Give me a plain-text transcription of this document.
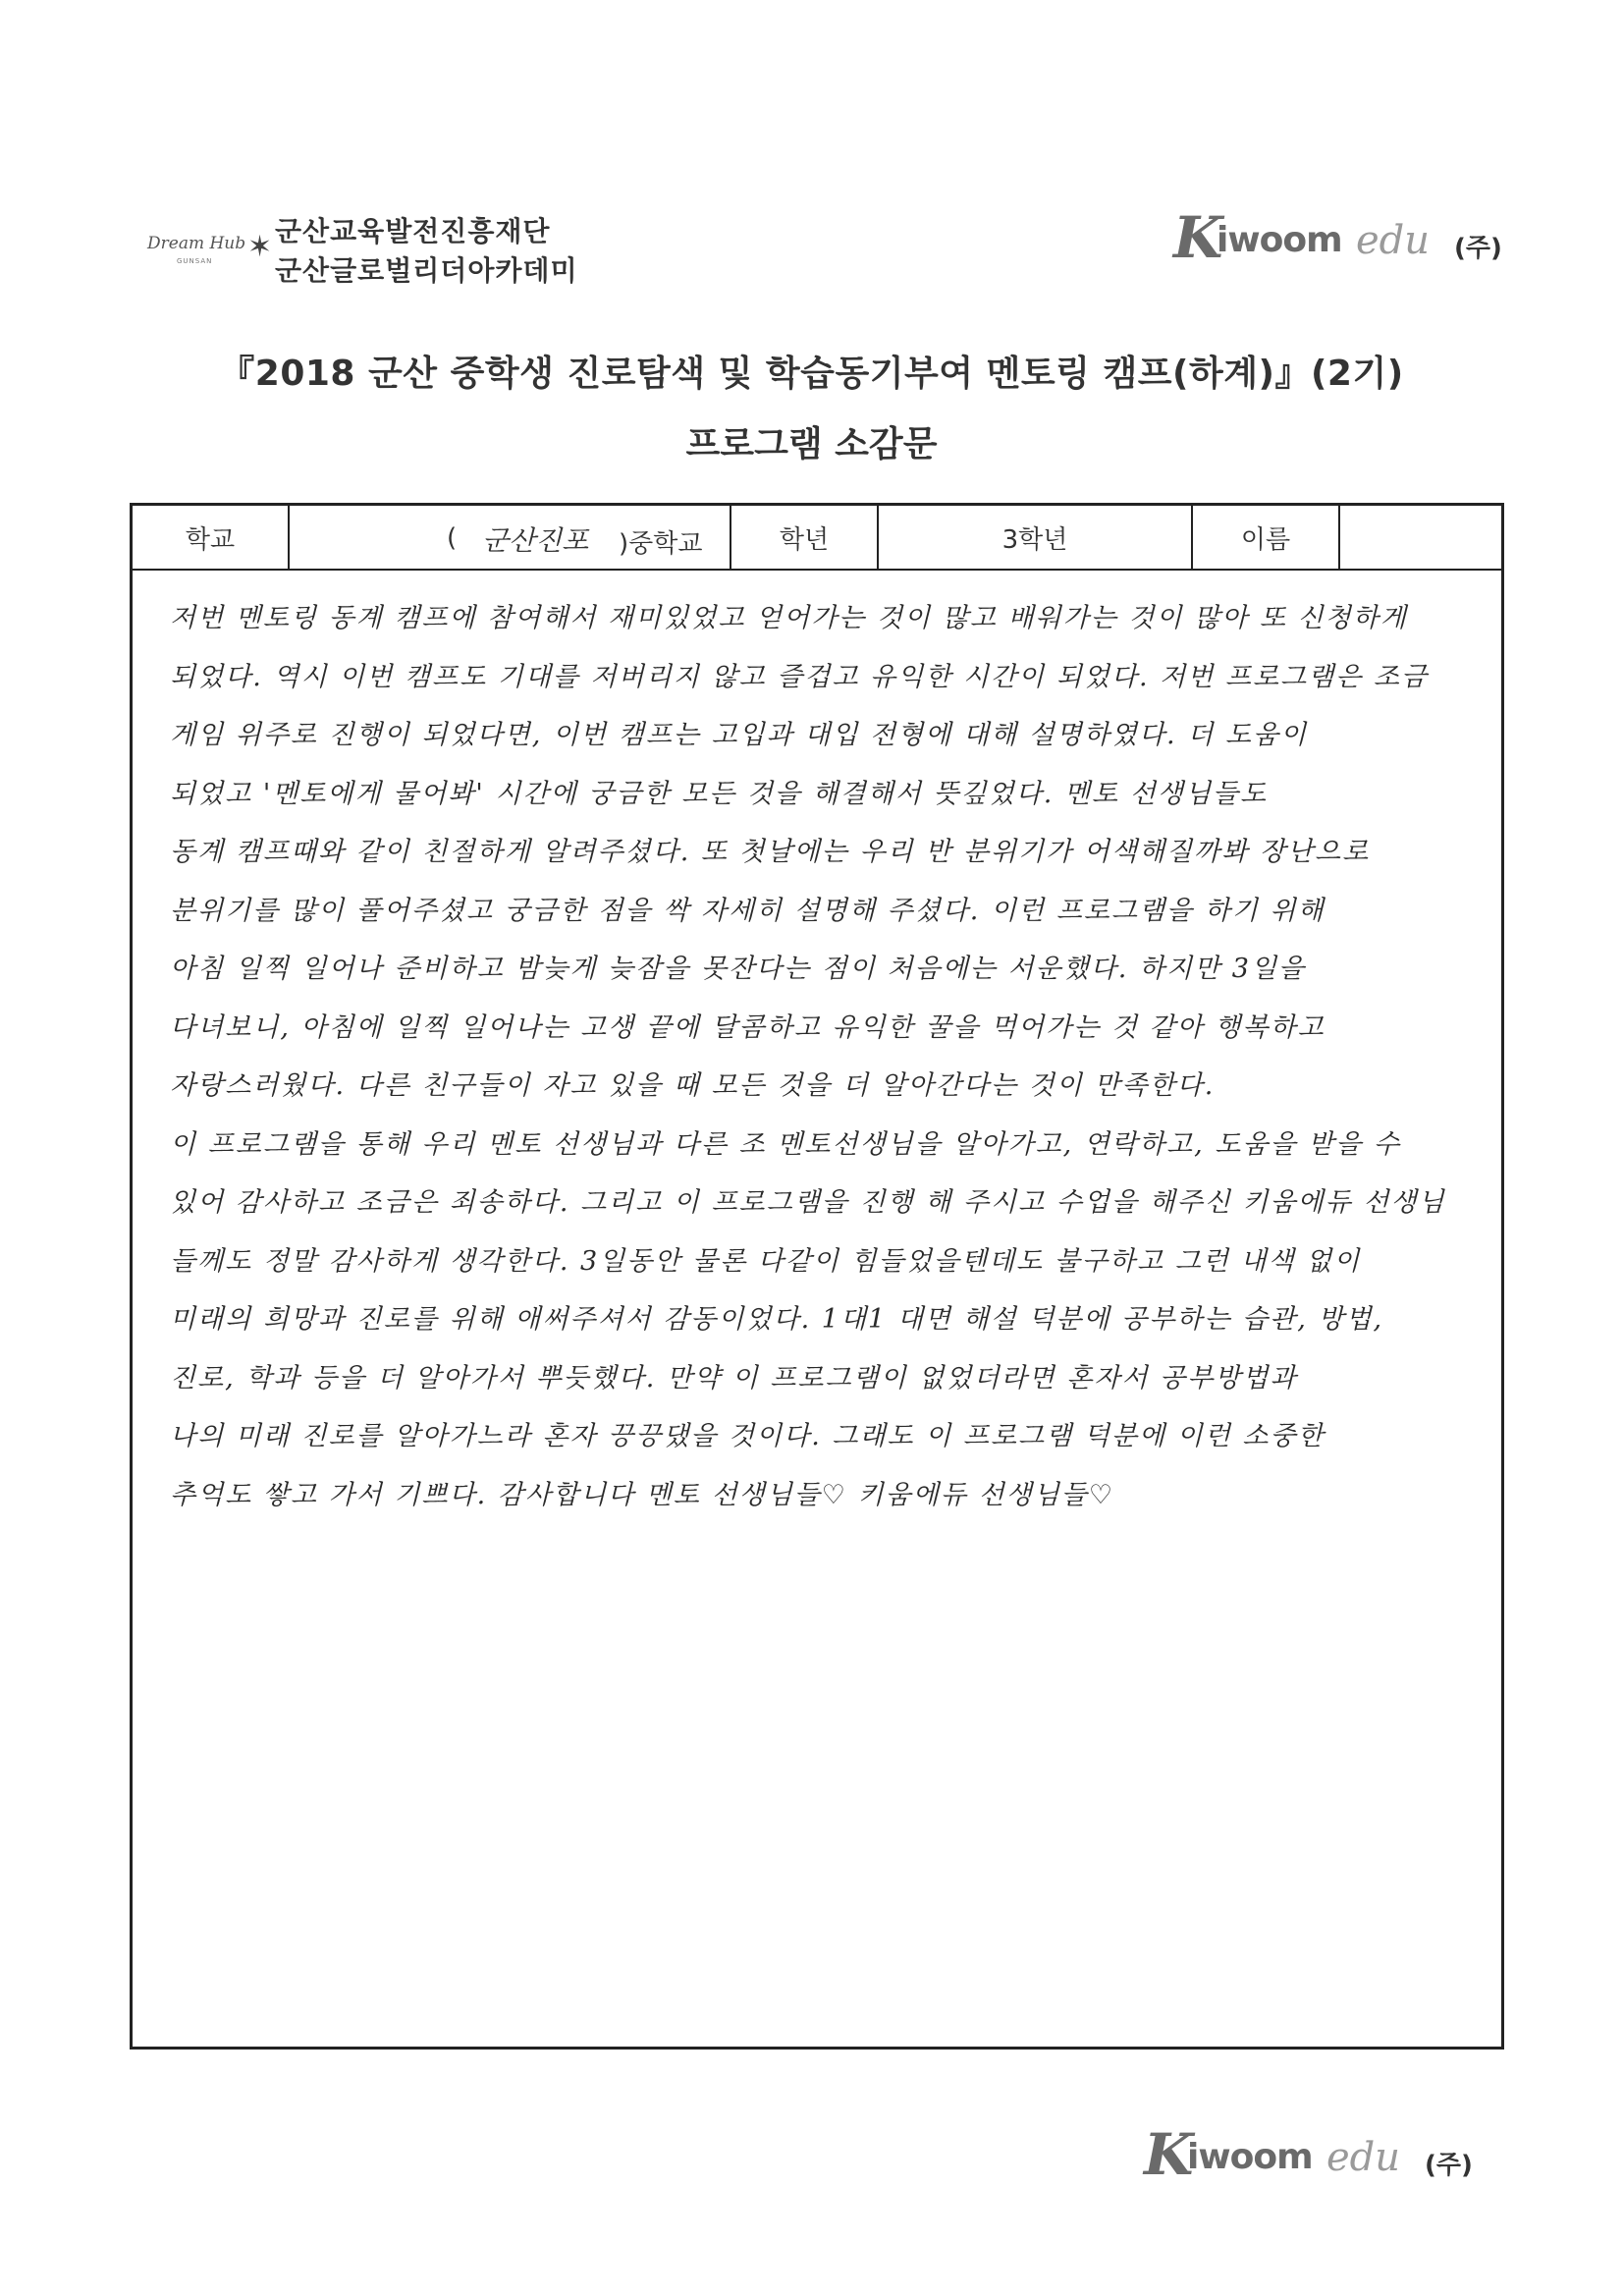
Dream Hub
GUNSAN ✶ 군산교육발전진흥재단
군산글로벌리더아카데미	K
iwoom edu (주)
『2018 군산 중학생 진로탐색 및 학습동기부여 멘토링 캠프(하계)』(2기)
프로그램 소감문
학교	( 군산진포 )중학교	학년	3학년	이름
저번 멘토링 동계 캠프에 참여해서 재미있었고 얻어가는 것이 많고 배워가는 것이 많아 또 신청하게
되었다. 역시 이번 캠프도 기대를 저버리지 않고 즐겁고 유익한 시간이 되었다. 저번 프로그램은 조금
게임 위주로 진행이 되었다면, 이번 캠프는 고입과 대입 전형에 대해 설명하였다. 더 도움이
되었고 '멘토에게 물어봐' 시간에 궁금한 모든 것을 해결해서 뜻깊었다. 멘토 선생님들도
동계 캠프때와 같이 친절하게 알려주셨다. 또 첫날에는 우리 반 분위기가 어색해질까봐 장난으로
분위기를 많이 풀어주셨고 궁금한 점을 싹 자세히 설명해 주셨다. 이런 프로그램을 하기 위해
아침 일찍 일어나 준비하고 밤늦게 늦잠을 못잔다는 점이 처음에는 서운했다. 하지만 3일을
다녀보니, 아침에 일찍 일어나는 고생 끝에 달콤하고 유익한 꿀을 먹어가는 것 같아 행복하고
자랑스러웠다. 다른 친구들이 자고 있을 때 모든 것을 더 알아간다는 것이 만족한다.
이 프로그램을 통해 우리 멘토 선생님과 다른 조 멘토선생님을 알아가고, 연락하고, 도움을 받을 수
있어 감사하고 조금은 죄송하다. 그리고 이 프로그램을 진행 해 주시고 수업을 해주신 키움에듀 선생님
들께도 정말 감사하게 생각한다. 3일동안 물론 다같이 힘들었을텐데도 불구하고 그런 내색 없이
미래의 희망과 진로를 위해 애써주셔서 감동이었다. 1대1 대면 해설 덕분에 공부하는 습관, 방법,
진로, 학과 등을 더 알아가서 뿌듯했다. 만약 이 프로그램이 없었더라면 혼자서 공부방법과
나의 미래 진로를 알아가느라 혼자 끙끙댔을 것이다. 그래도 이 프로그램 덕분에 이런 소중한
추억도 쌓고 가서 기쁘다. 감사합니다 멘토 선생님들♡ 키움에듀 선생님들♡
K
iwoom edu (주)
